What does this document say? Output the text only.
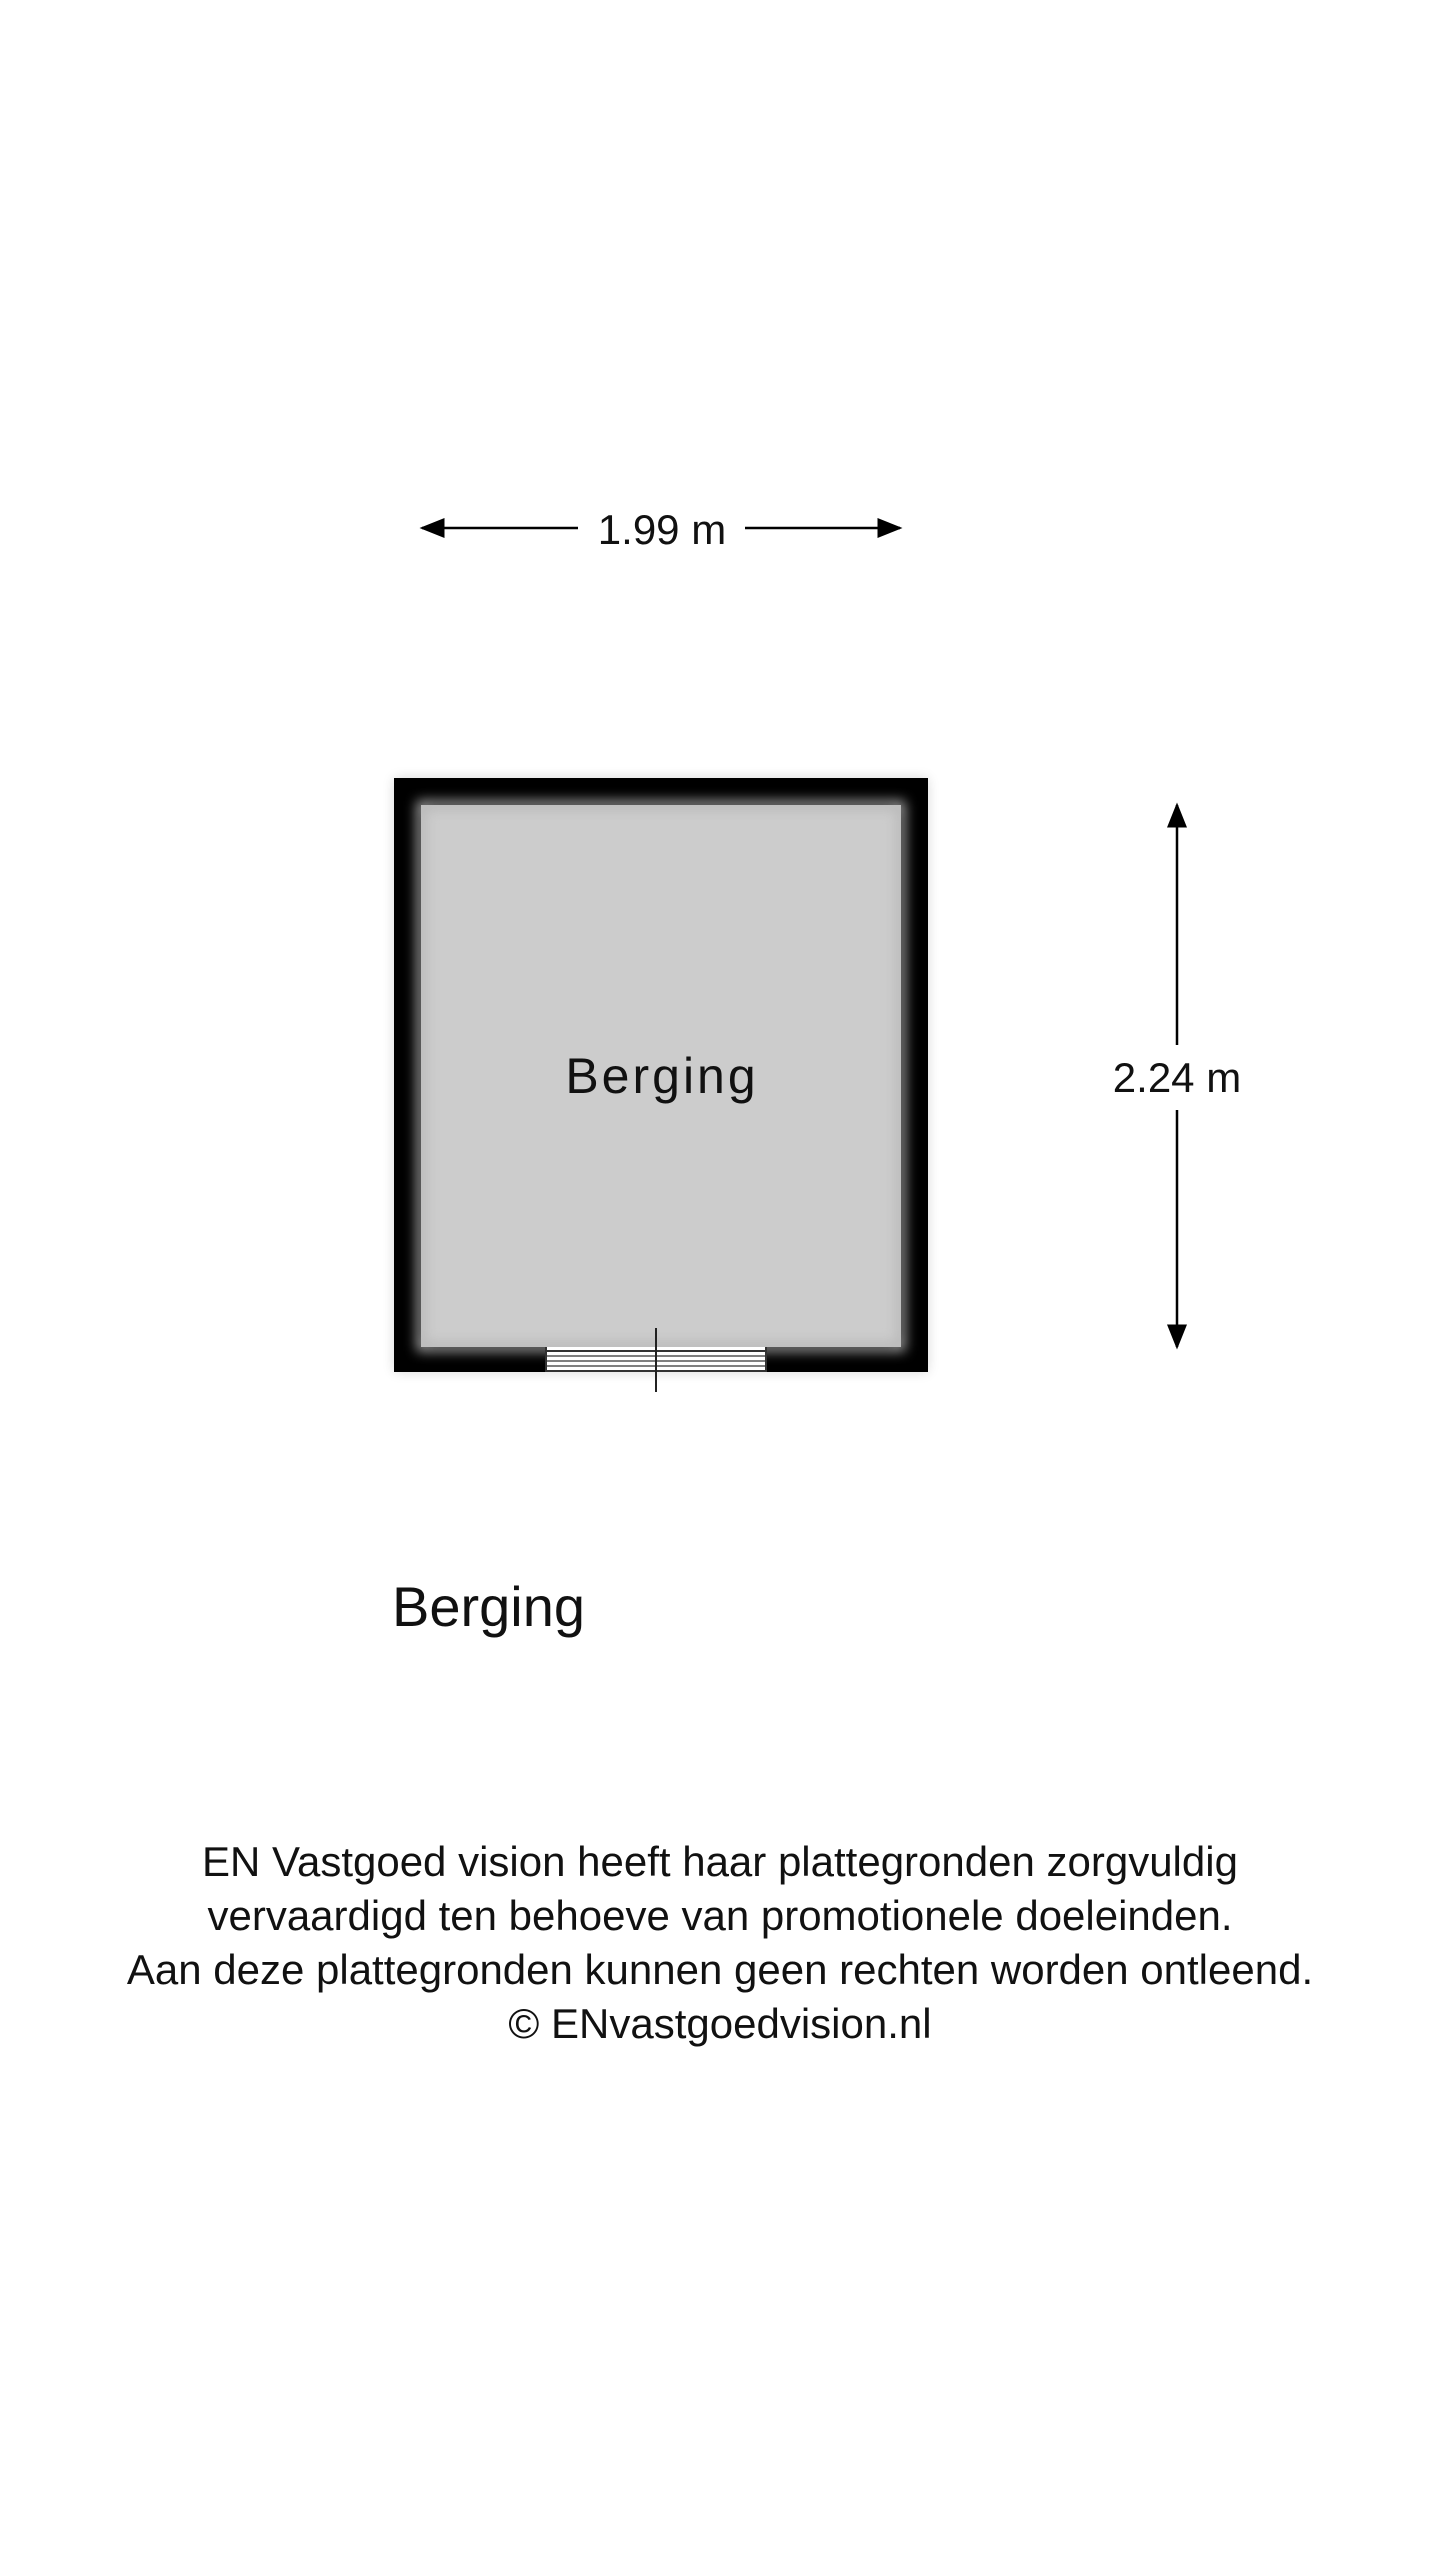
1.99 m
Berging	2.24 m
Berging
EN Vastgoed vision heeft haar plattegronden zorgvuldig
vervaardigd ten behoeve van promotionele doeleinden.
Aan deze plattegronden kunnen geen rechten worden ontleend.
© ENvastgoedvision.nl
